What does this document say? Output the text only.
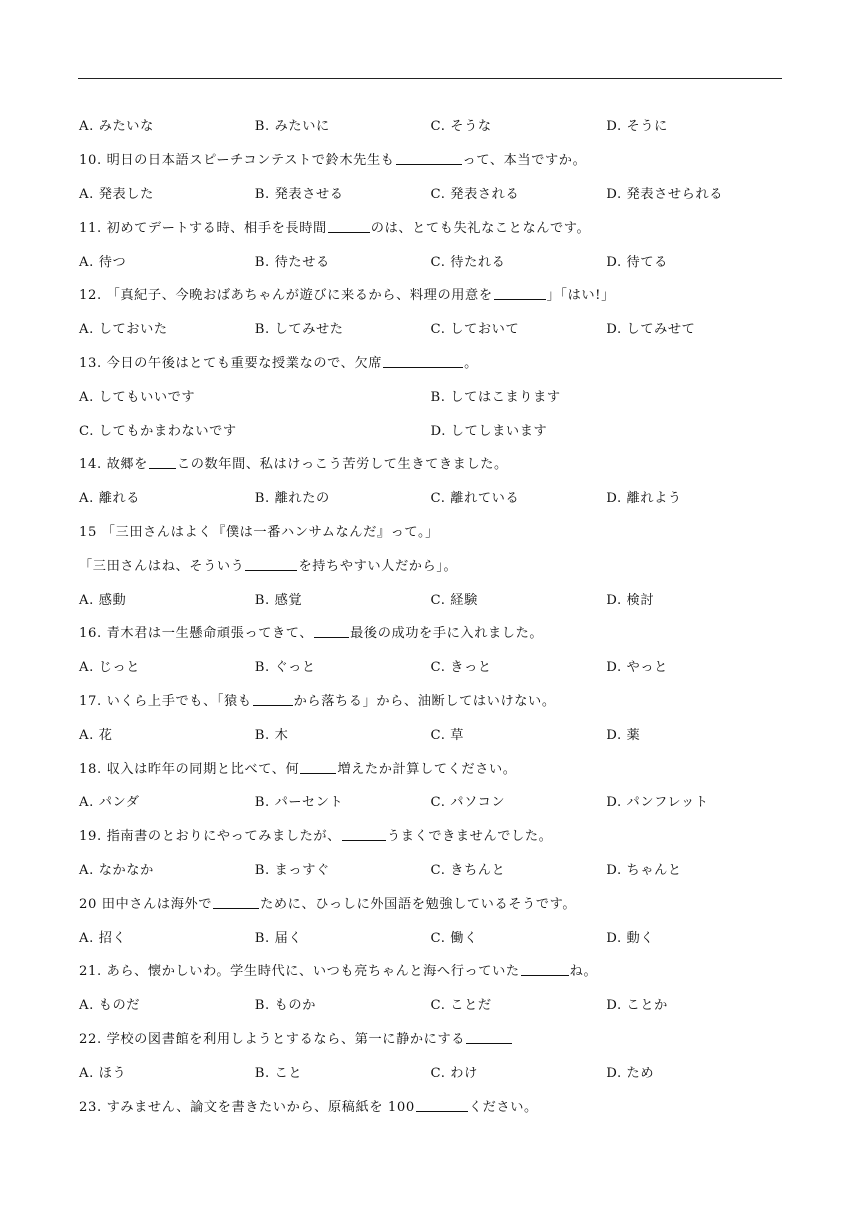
A. みたいな	B. みたいに	C. そうな	D. そうに
10. 明日の日本語スピーチコンテストで鈴木先生も	って、本当ですか。
A. 発表した	B. 発表させる	C. 発表される	D. 発表させられる
11. 初めてデートする時、相手を長時間	のは、とても失礼なことなんです。
A. 待つ	B. 待たせる	C. 待たれる	D. 待てる
12. 「真紀子、今晩おばあちゃんが遊びに来るから、料理の用意を	」「はい!」
A. しておいた	B. してみせた	C. しておいて	D. してみせて
13. 今日の午後はとても重要な授業なので、欠席	。
A. してもいいです	B. してはこまります
C. してもかまわないです	D. してしまいます
14. 故郷を この数年間、私はけっこう苦労して生きてきました。
A. 離れる	B. 離れたの	C. 離れている	D. 離れよう
15 「三田さんはよく『僕は一番ハンサムなんだ』って。」
「三田さんはね、そういう	を持ちやすい人だから」。
A. 感動	B. 感覚	C. 経験	D. 検討
16. 青木君は一生懸命頑張ってきて、	最後の成功を手に入れました。
A. じっと	B. ぐっと	C. きっと	D. やっと
17. いくら上手でも、「猿も	から落ちる」から、油断してはいけない。
A. 花	B. 木	C. 草	D. 薬
18. 収入は昨年の同期と比べて、何	増えたか計算してください。
A. パンダ	B. パーセント	C. パソコン	D. パンフレット
19. 指南書のとおりにやってみましたが、	うまくできませんでした。
A. なかなか	B. まっすぐ	C. きちんと	D. ちゃんと
20 田中さんは海外で	ために、ひっしに外国語を勉強しているそうです。
A. 招く	B. 届く	C. 働く	D. 動く
21. あら、懐かしいわ。学生時代に、いつも亮ちゃんと海へ行っていた	ね。
A. ものだ	B. ものか	C. ことだ	D. ことか
22. 学校の図書館を利用しようとするなら、第一に静かにする
A. ほう	B. こと	C. わけ	D. ため
23. すみません、論文を書きたいから、原稿紙を 100	ください。
